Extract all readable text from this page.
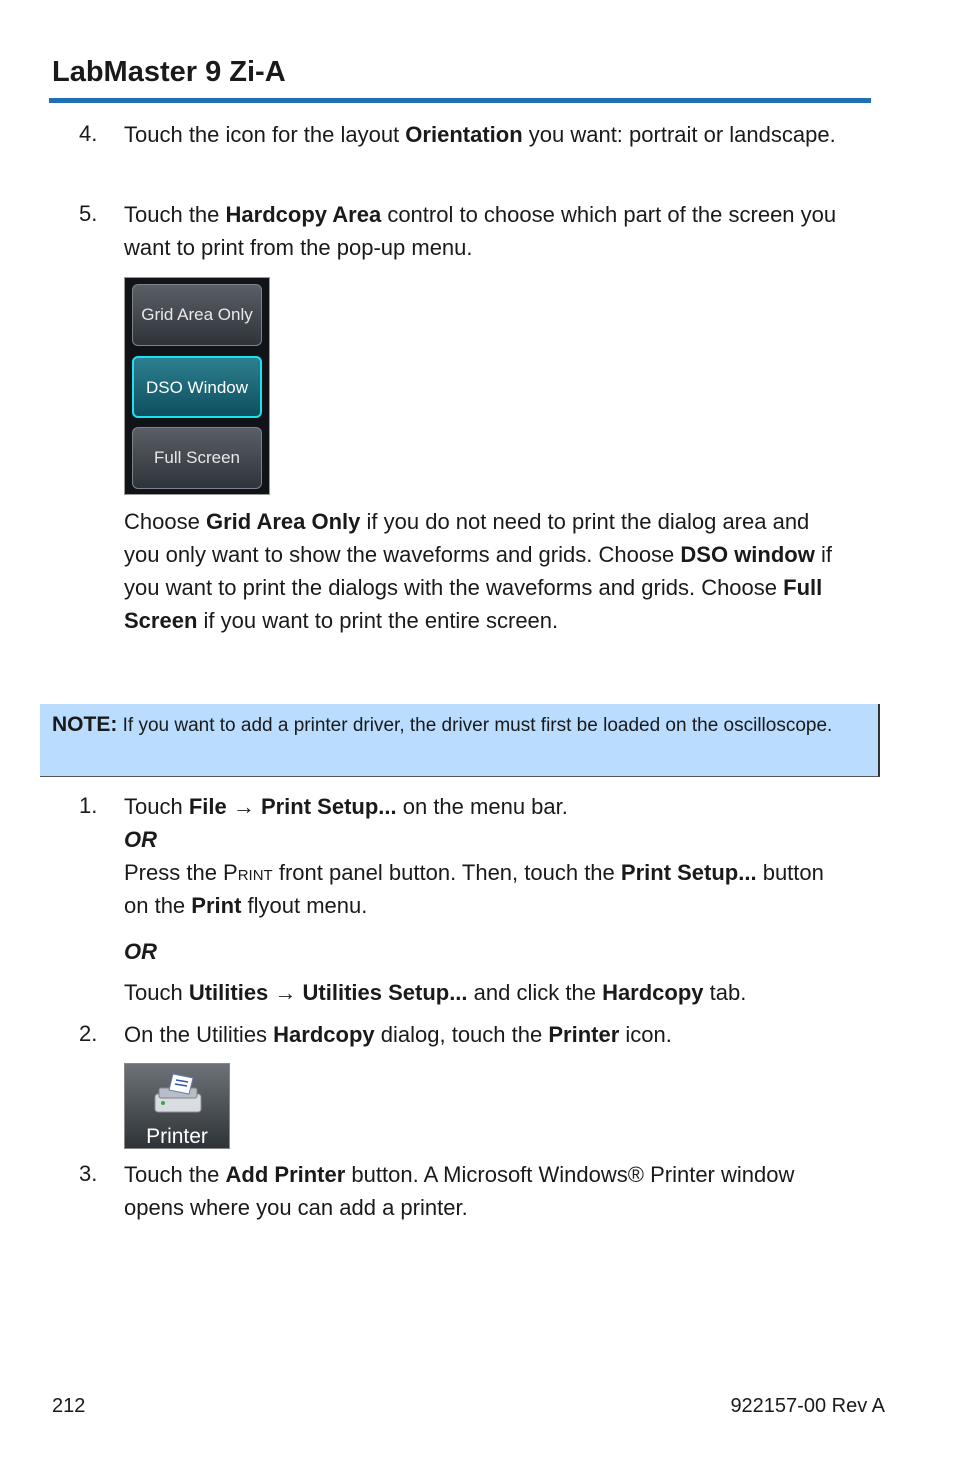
LabMaster 9 Zi-A
4. Touch the icon for the layout Orientation you want: portrait or landscape.
5. Touch the Hardcopy Area control to choose which part of the screen you want to print from the pop-up menu.
Grid Area Only
DSO Window
Full Screen
Choose Grid Area Only if you do not need to print the dialog area and you only want to show the waveforms and grids. Choose DSO window if you want to print the dialogs with the waveforms and grids. Choose Full Screen if you want to print the entire screen.
NOTE: If you want to add a printer driver, the driver must first be loaded on the oscilloscope.
1. Touch File → Print Setup... on the menu bar.
OR
Press the Print front panel button. Then, touch the Print Setup... button on the Print flyout menu.
OR
Touch Utilities → Utilities Setup... and click the Hardcopy tab.
2. On the Utilities Hardcopy dialog, touch the Printer icon.
Printer
3. Touch the Add Printer button. A Microsoft Windows® Printer window opens where you can add a printer.
212	922157-00 Rev A
